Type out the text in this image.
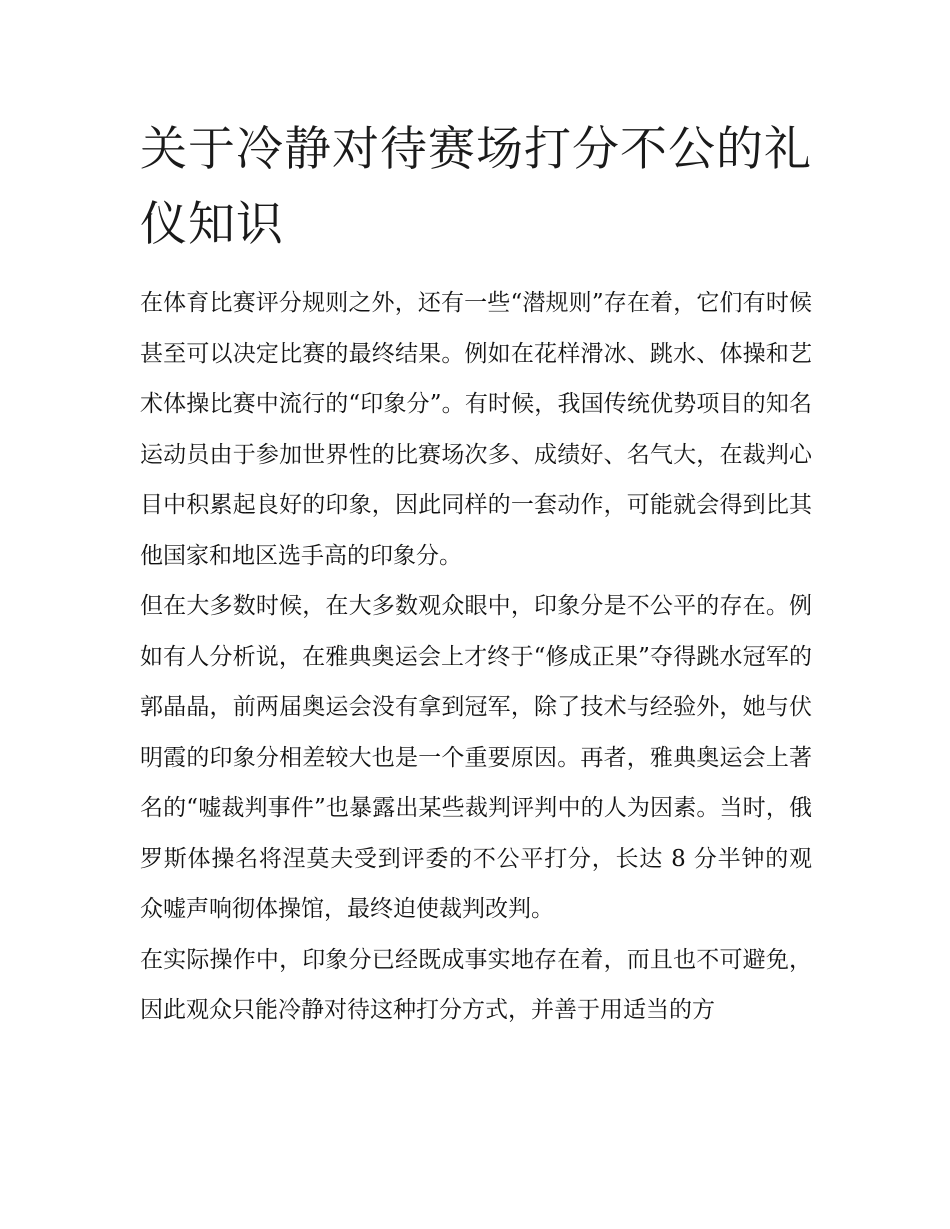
关于冷静对待赛场打分不公的礼仪知识

在体育比赛评分规则之外，还有一些“潜规则”存在着，它们有时候甚至可以决定比赛的最终结果。例如在花样滑冰、跳水、体操和艺术体操比赛中流行的“印象分”。有时候，我国传统优势项目的知名运动员由于参加世界性的比赛场次多、成绩好、名气大，在裁判心目中积累起良好的印象，因此同样的一套动作，可能就会得到比其他国家和地区选手高的印象分。

但在大多数时候，在大多数观众眼中，印象分是不公平的存在。例如有人分析说，在雅典奥运会上才终于“修成正果”夺得跳水冠军的郭晶晶，前两届奥运会没有拿到冠军，除了技术与经验外，她与伏明霞的印象分相差较大也是一个重要原因。再者，雅典奥运会上著名的“嘘裁判事件”也暴露出某些裁判评判中的人为因素。当时，俄罗斯体操名将涅莫夫受到评委的不公平打分，长达 8 分半钟的观众嘘声响彻体操馆，最终迫使裁判改判。

在实际操作中，印象分已经既成事实地存在着，而且也不可避免，因此观众只能冷静对待这种打分方式，并善于用适当的方
